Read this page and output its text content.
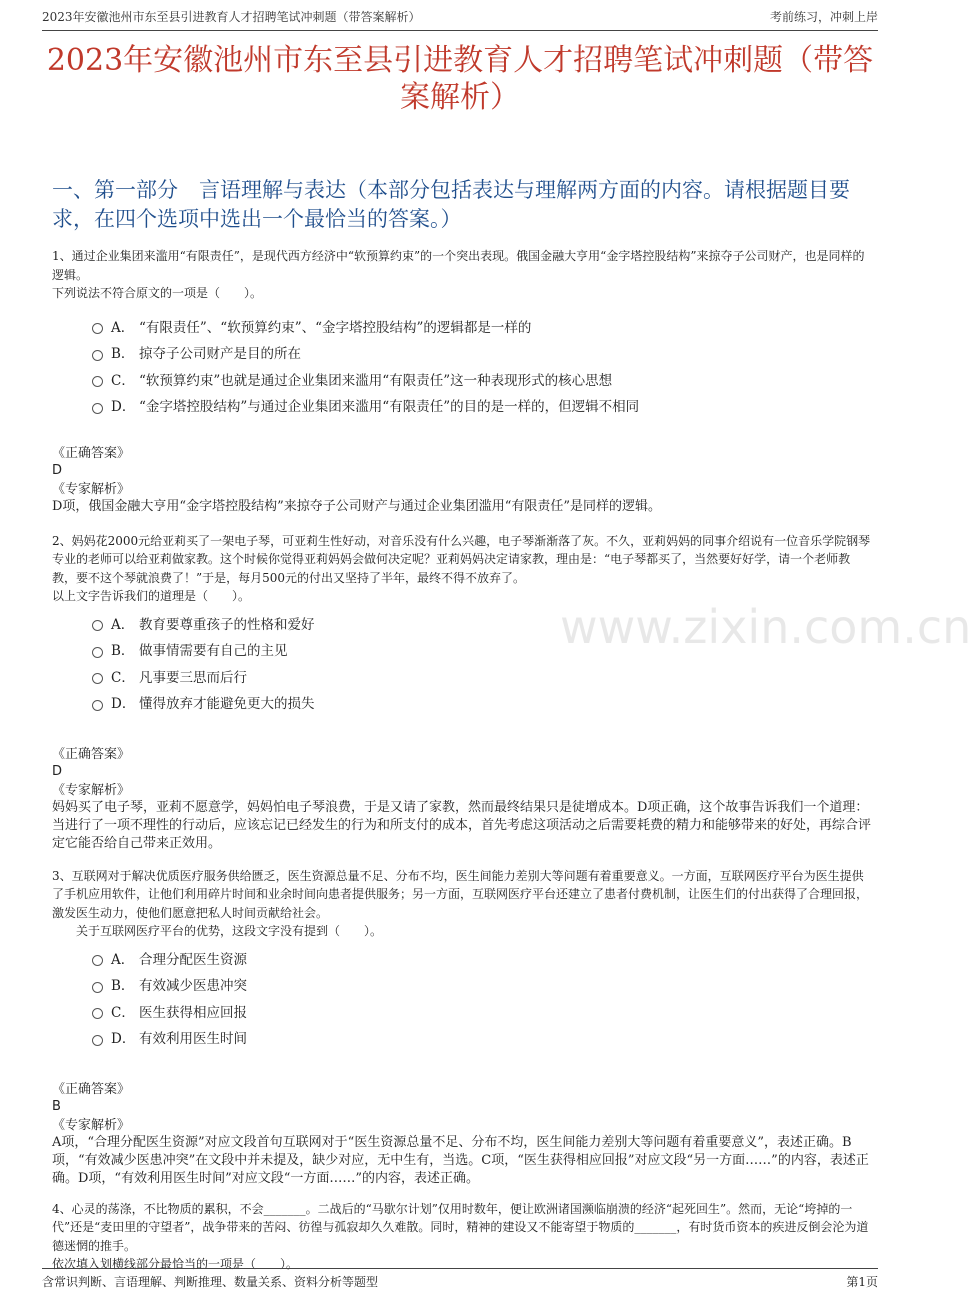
2023年安徽池州市东至县引进教育人才招聘笔试冲刺题（带答案解析）	考前练习，冲刺上岸
2023年安徽池州市东至县引进教育人才招聘笔试冲刺题（带答案解析）
一、第一部分　言语理解与表达（本部分包括表达与理解两方面的内容。请根据题目要求，在四个选项中选出一个最恰当的答案。）
www.zixin.com.cn

1、通过企业集团来滥用“有限责任”，是现代西方经济中“软预算约束”的一个突出表现。俄国金融大亨用“金字塔控股结构”来掠夺子公司财产，也是同样的逻辑。

下列说法不符合原文的一项是（　　）。

A． “有限责任”、“软预算约束”、“金字塔控股结构”的逻辑都是一样的
B． 掠夺子公司财产是目的所在
C． “软预算约束”也就是通过企业集团来滥用“有限责任”这一种表现形式的核心思想
D． “金字塔控股结构”与通过企业集团来滥用“有限责任”的目的是一样的，但逻辑不相同
《正确答案》
D
《专家解析》
D项，俄国金融大亨用“金字塔控股结构”来掠夺子公司财产与通过企业集团滥用“有限责任”是同样的逻辑。

2、妈妈花2000元给亚莉买了一架电子琴，可亚莉生性好动，对音乐没有什么兴趣，电子琴渐渐落了灰。不久，亚莉妈妈的同事介绍说有一位音乐学院钢琴专业的老师可以给亚莉做家教。这个时候你觉得亚莉妈妈会做何决定呢？亚莉妈妈决定请家教，理由是：“电子琴都买了，当然要好好学，请一个老师教教，要不这个琴就浪费了！”于是，每月500元的付出又坚持了半年，最终不得不放弃了。

以上文字告诉我们的道理是（　　）。

A． 教育要尊重孩子的性格和爱好
B． 做事情需要有自己的主见
C． 凡事要三思而后行
D． 懂得放弃才能避免更大的损失
《正确答案》
D
《专家解析》
妈妈买了电子琴，亚莉不愿意学，妈妈怕电子琴浪费，于是又请了家教，然而最终结果只是徒增成本。D项正确，这个故事告诉我们一个道理：当进行了一项不理性的行动后，应该忘记已经发生的行为和所支付的成本，首先考虑这项活动之后需要耗费的精力和能够带来的好处，再综合评定它能否给自己带来正效用。

3、互联网对于解决优质医疗服务供给匮乏，医生资源总量不足、分布不均，医生间能力差别大等问题有着重要意义。一方面，互联网医疗平台为医生提供了手机应用软件，让他们利用碎片时间和业余时间向患者提供服务；另一方面，互联网医疗平台还建立了患者付费机制，让医生们的付出获得了合理回报，激发医生动力，使他们愿意把私人时间贡献给社会。

关于互联网医疗平台的优势，这段文字没有提到（　　）。

A． 合理分配医生资源
B． 有效减少医患冲突
C． 医生获得相应回报
D． 有效利用医生时间
《正确答案》
B
《专家解析》
A项，“合理分配医生资源”对应文段首句互联网对于“医生资源总量不足、分布不均，医生间能力差别大等问题有着重要意义”，表述正确。B项，“有效减少医患冲突”在文段中并未提及，缺少对应，无中生有，当选。C项，“医生获得相应回报”对应文段“另一方面……”的内容，表述正确。D项，“有效利用医生时间”对应文段“一方面……”的内容，表述正确。

4、心灵的荡涤，不比物质的累积，不会_______。二战后的“马歇尔计划”仅用时数年，便让欧洲诸国濒临崩溃的经济“起死回生”。然而，无论“垮掉的一代”还是“麦田里的守望者”，战争带来的苦闷、彷徨与孤寂却久久难散。同时，精神的建设又不能寄望于物质的_______，有时货币资本的疾进反倒会沦为道德迷惘的推手。

依次填入划横线部分最恰当的一项是（　　）。

含常识判断、言语理解、判断推理、数量关系、资料分析等题型	第1页
